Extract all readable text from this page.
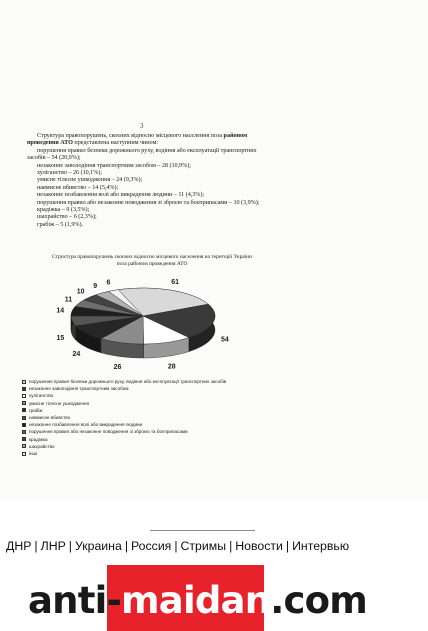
3

Структура правопорушень, скоєних відносно місцевого населення поза районом проведення АТО представлена наступним чином:

порушення правил безпеки дорожнього руху, водіння або експлуатації транспортних засобів – 54 (20,9%);

незаконне заволодіння транспортним засобом – 28 (10,9%);

хуліганство – 26 (10,1%);

умисне тілесне ушкодження – 24 (9,3%);

навмисне вбивство – 14 (5,4%);

незаконне позбавлення волі або викрадення людини – 11 (4,3%);

порушення правил або незаконне поводження зі зброєю та боєприпасами – 10 (3,9%);

крадіжка – 9 (3,5%);

шахрайство – 6 (2,3%);

грабіж – 5 (1,9%).

Структура правопорушень скоєних відносно місцевого населення на території України поза районом проведення АТО
61
54
28
26
24
15
14
11
10
9 6
порушення правил безпеки дорожнього руху, водіння або експлуатації транспортних засобів
незаконне заволодіння транспортним засобом
хуліганство
умисне тілесне ушкодження
грабіж
навмисне вбивство
незаконне позбавлення волі або викрадення людини
порушення правил або незаконне поводження зі зброєю та боєприпасами
крадіжка
шахрайство
інші
ДНР | ЛНР | Украина | Россия | Стримы | Новости | Интервью
anti-maidan.com
